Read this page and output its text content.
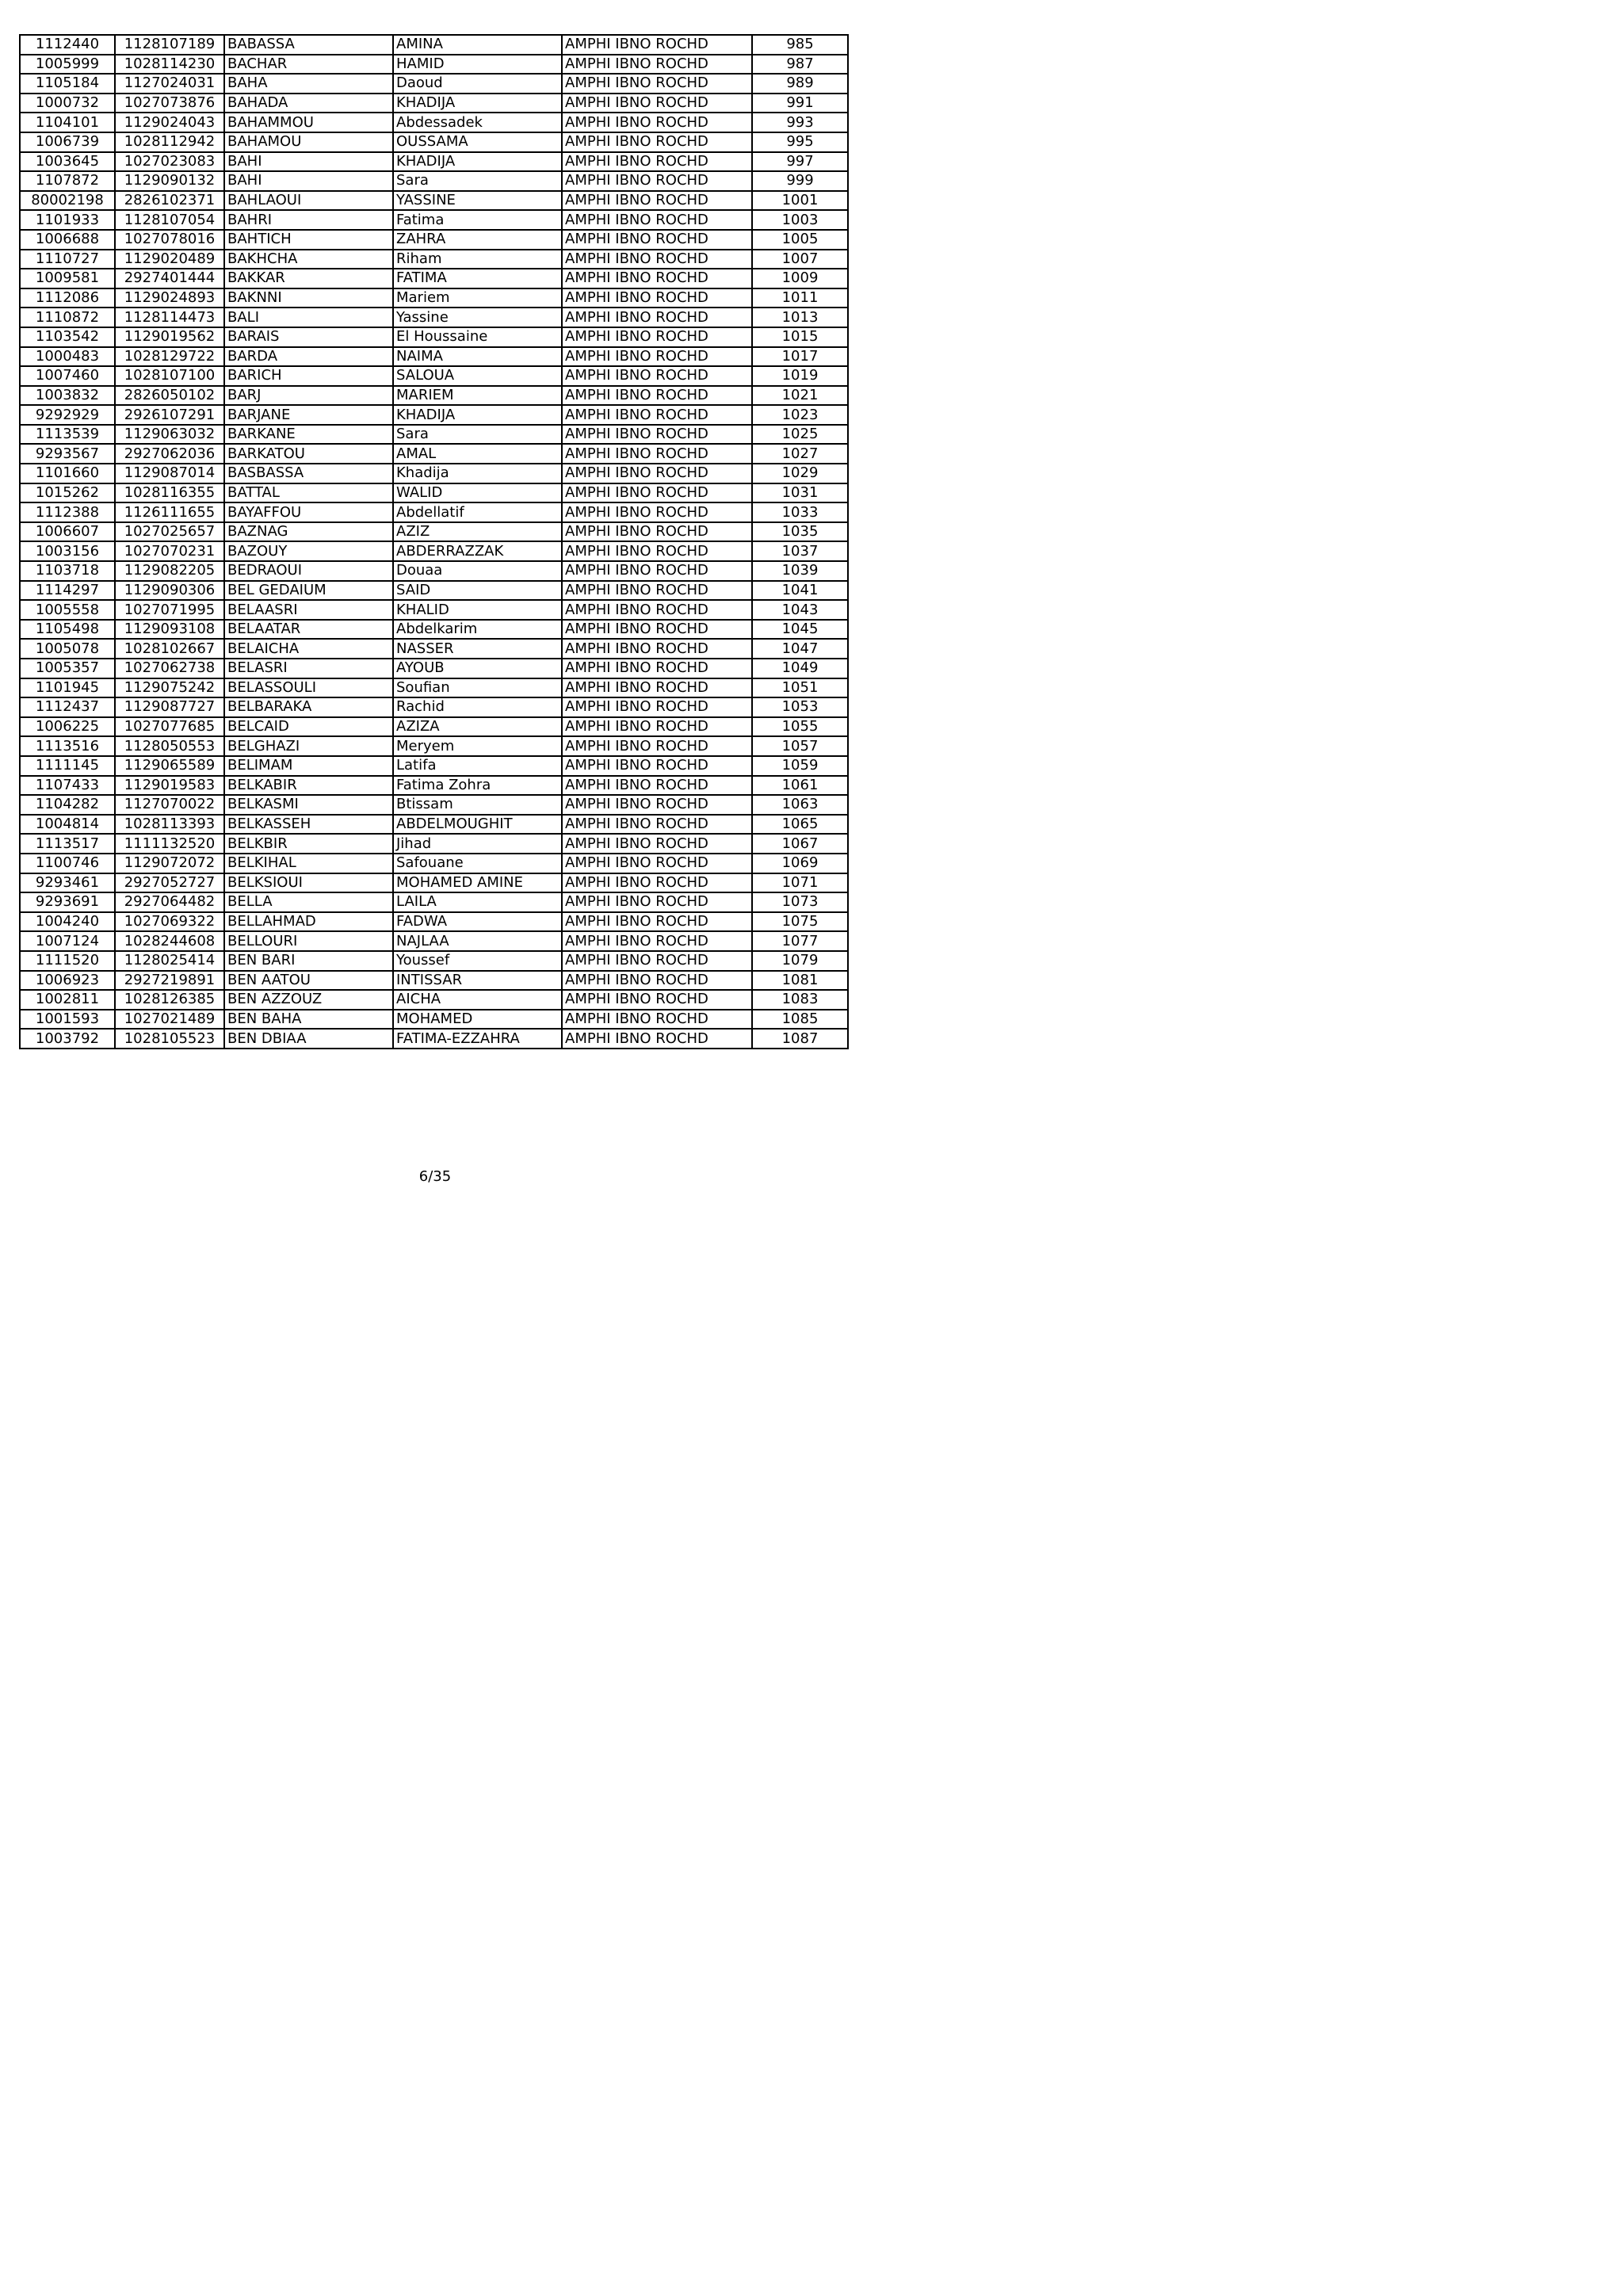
1112440	1128107189	BABASSA	AMINA	AMPHI IBNO ROCHD	985
1005999	1028114230	BACHAR	HAMID	AMPHI IBNO ROCHD	987
1105184	1127024031	BAHA	Daoud	AMPHI IBNO ROCHD	989
1000732	1027073876	BAHADA	KHADIJA	AMPHI IBNO ROCHD	991
1104101	1129024043	BAHAMMOU	Abdessadek	AMPHI IBNO ROCHD	993
1006739	1028112942	BAHAMOU	OUSSAMA	AMPHI IBNO ROCHD	995
1003645	1027023083	BAHI	KHADIJA	AMPHI IBNO ROCHD	997
1107872	1129090132	BAHI	Sara	AMPHI IBNO ROCHD	999
80002198	2826102371	BAHLAOUI	YASSINE	AMPHI IBNO ROCHD	1001
1101933	1128107054	BAHRI	Fatima	AMPHI IBNO ROCHD	1003
1006688	1027078016	BAHTICH	ZAHRA	AMPHI IBNO ROCHD	1005
1110727	1129020489	BAKHCHA	Riham	AMPHI IBNO ROCHD	1007
1009581	2927401444	BAKKAR	FATIMA	AMPHI IBNO ROCHD	1009
1112086	1129024893	BAKNNI	Mariem	AMPHI IBNO ROCHD	1011
1110872	1128114473	BALI	Yassine	AMPHI IBNO ROCHD	1013
1103542	1129019562	BARAIS	El Houssaine	AMPHI IBNO ROCHD	1015
1000483	1028129722	BARDA	NAIMA	AMPHI IBNO ROCHD	1017
1007460	1028107100	BARICH	SALOUA	AMPHI IBNO ROCHD	1019
1003832	2826050102	BARJ	MARIEM	AMPHI IBNO ROCHD	1021
9292929	2926107291	BARJANE	KHADIJA	AMPHI IBNO ROCHD	1023
1113539	1129063032	BARKANE	Sara	AMPHI IBNO ROCHD	1025
9293567	2927062036	BARKATOU	AMAL	AMPHI IBNO ROCHD	1027
1101660	1129087014	BASBASSA	Khadija	AMPHI IBNO ROCHD	1029
1015262	1028116355	BATTAL	WALID	AMPHI IBNO ROCHD	1031
1112388	1126111655	BAYAFFOU	Abdellatif	AMPHI IBNO ROCHD	1033
1006607	1027025657	BAZNAG	AZIZ	AMPHI IBNO ROCHD	1035
1003156	1027070231	BAZOUY	ABDERRAZZAK	AMPHI IBNO ROCHD	1037
1103718	1129082205	BEDRAOUI	Douaa	AMPHI IBNO ROCHD	1039
1114297	1129090306	BEL GEDAIUM	SAID	AMPHI IBNO ROCHD	1041
1005558	1027071995	BELAASRI	KHALID	AMPHI IBNO ROCHD	1043
1105498	1129093108	BELAATAR	Abdelkarim	AMPHI IBNO ROCHD	1045
1005078	1028102667	BELAICHA	NASSER	AMPHI IBNO ROCHD	1047
1005357	1027062738	BELASRI	AYOUB	AMPHI IBNO ROCHD	1049
1101945	1129075242	BELASSOULI	Soufian	AMPHI IBNO ROCHD	1051
1112437	1129087727	BELBARAKA	Rachid	AMPHI IBNO ROCHD	1053
1006225	1027077685	BELCAID	AZIZA	AMPHI IBNO ROCHD	1055
1113516	1128050553	BELGHAZI	Meryem	AMPHI IBNO ROCHD	1057
1111145	1129065589	BELIMAM	Latifa	AMPHI IBNO ROCHD	1059
1107433	1129019583	BELKABIR	Fatima Zohra	AMPHI IBNO ROCHD	1061
1104282	1127070022	BELKASMI	Btissam	AMPHI IBNO ROCHD	1063
1004814	1028113393	BELKASSEH	ABDELMOUGHIT	AMPHI IBNO ROCHD	1065
1113517	1111132520	BELKBIR	Jihad	AMPHI IBNO ROCHD	1067
1100746	1129072072	BELKIHAL	Safouane	AMPHI IBNO ROCHD	1069
9293461	2927052727	BELKSIOUI	MOHAMED AMINE	AMPHI IBNO ROCHD	1071
9293691	2927064482	BELLA	LAILA	AMPHI IBNO ROCHD	1073
1004240	1027069322	BELLAHMAD	FADWA	AMPHI IBNO ROCHD	1075
1007124	1028244608	BELLOURI	NAJLAA	AMPHI IBNO ROCHD	1077
1111520	1128025414	BEN BARI	Youssef	AMPHI IBNO ROCHD	1079
1006923	2927219891	BEN AATOU	INTISSAR	AMPHI IBNO ROCHD	1081
1002811	1028126385	BEN AZZOUZ	AICHA	AMPHI IBNO ROCHD	1083
1001593	1027021489	BEN BAHA	MOHAMED	AMPHI IBNO ROCHD	1085
1003792	1028105523	BEN DBIAA	FATIMA-EZZAHRA	AMPHI IBNO ROCHD	1087
6/35
